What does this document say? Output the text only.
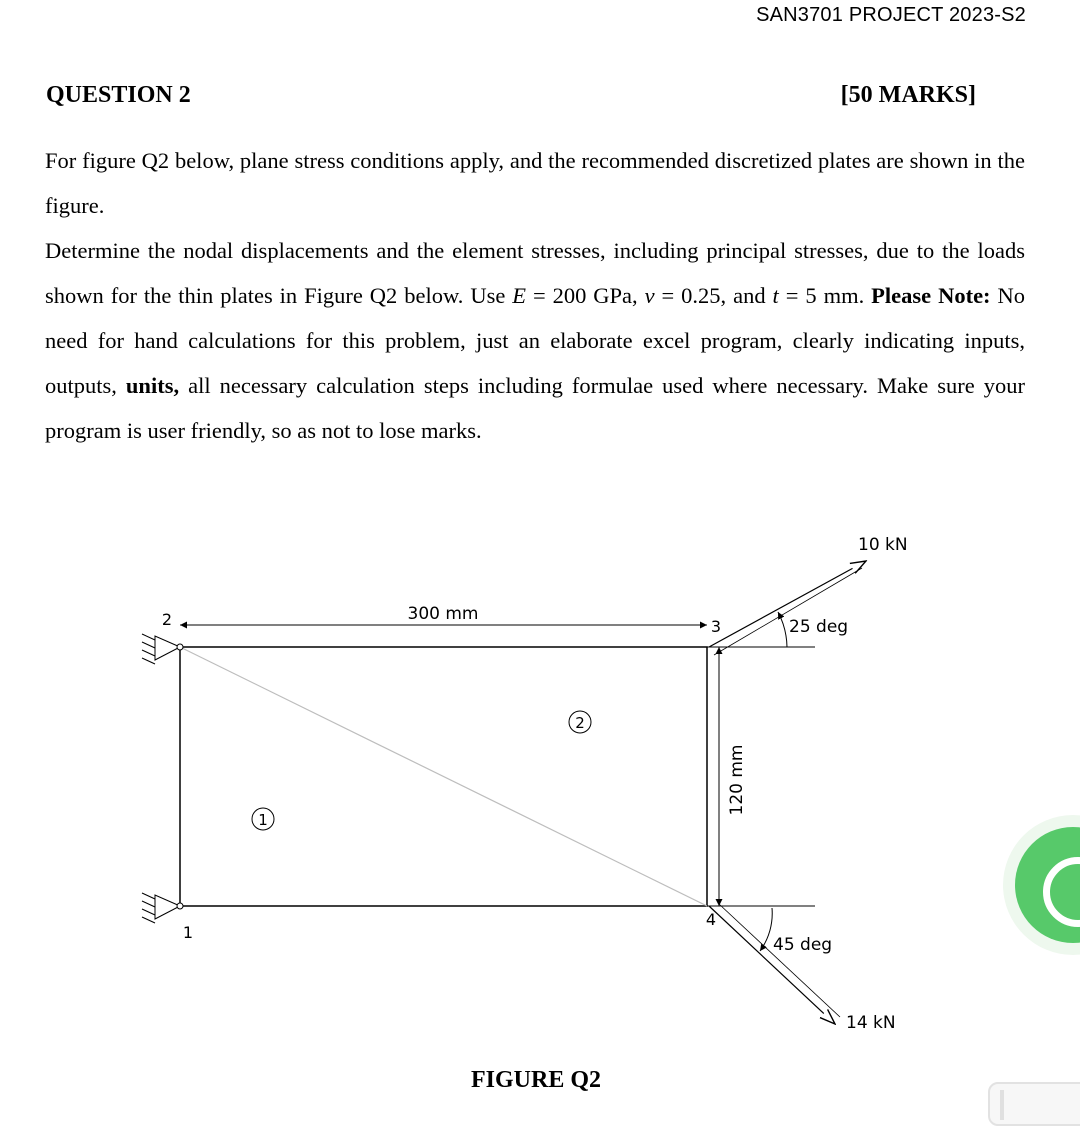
SAN3701 PROJECT 2023-S2
QUESTION 2	[50 MARKS]

For figure Q2 below, plane stress conditions apply, and the recommended discretized plates are shown in the figure.

Determine the nodal displacements and the element stresses, including principal stresses, due to the loads shown for the thin plates in Figure Q2 below. Use E = 200 GPa, v = 0.25, and t = 5 mm. Please Note: No need for hand calculations for this problem, just an elaborate excel program, clearly indicating inputs, outputs, units, all necessary calculation steps including formulae used where necessary. Make sure your program is user friendly, so as not to lose marks.

300 mm
120 mm
2	3
1
4
1
2
25 deg
10 kN
45 deg
14 kN
FIGURE Q2
